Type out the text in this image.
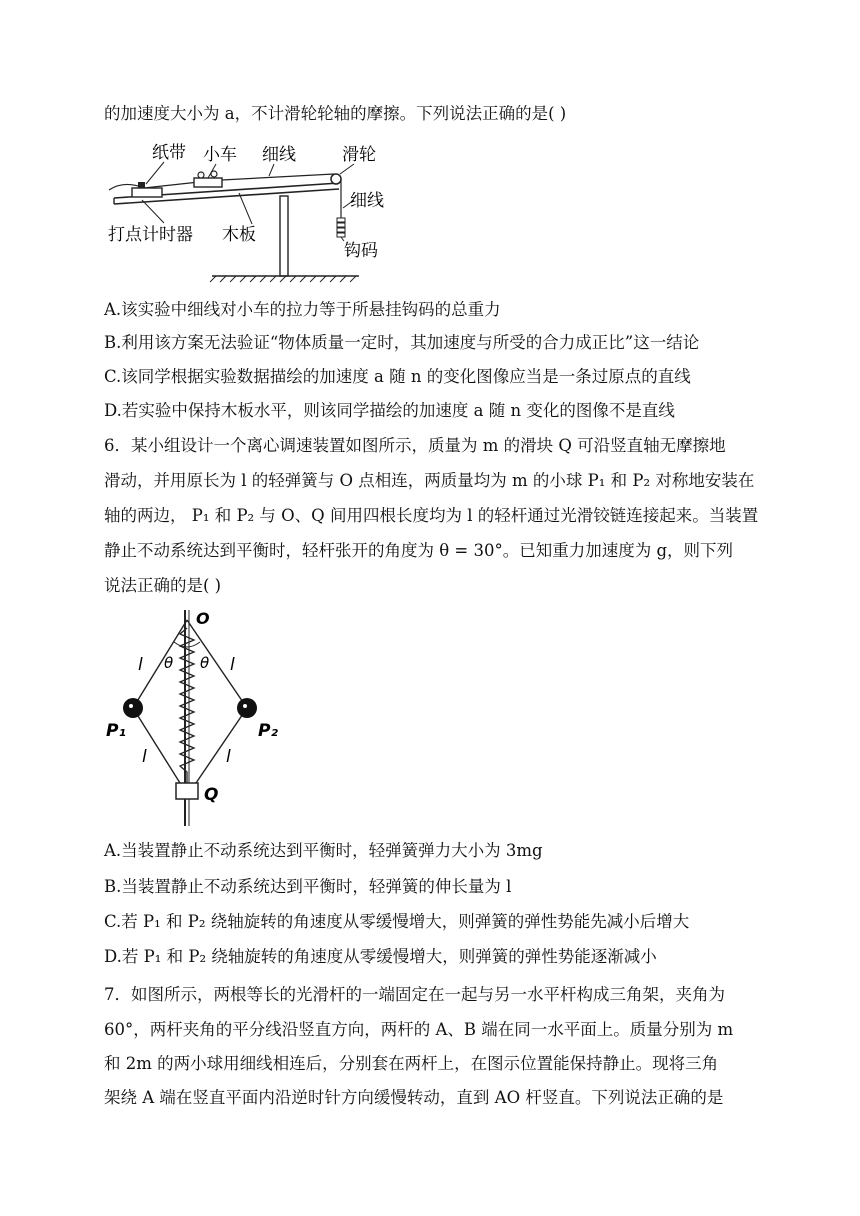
的加速度大小为 a，不计滑轮轮轴的摩擦。下列说法正确的是( )
纸带 小车 细线	滑轮
细线
打点计时器 木板
钩码
A.该实验中细线对小车的拉力等于所悬挂钩码的总重力
B.利用该方案无法验证“物体质量一定时，其加速度与所受的合力成正比”这一结论
C.该同学根据实验数据描绘的加速度 a 随 n 的变化图像应当是一条过原点的直线
D.若实验中保持木板水平，则该同学描绘的加速度 a 随 n 变化的图像不是直线
6．某小组设计一个离心调速装置如图所示，质量为 m 的滑块 Q 可沿竖直轴无摩擦地
滑动，并用原长为 l 的轻弹簧与 O 点相连，两质量均为 m 的小球 P₁ 和 P₂ 对称地安装在
轴的两边， P₁ 和 P₂ 与 O、Q 间用四根长度均为 l 的轻杆通过光滑铰链连接起来。当装置
静止不动系统达到平衡时，轻杆张开的角度为 θ = 30°。已知重力加速度为 g，则下列
说法正确的是( )
O
θ θ
l	l
l	l
P₁	P₂
Q
A.当装置静止不动系统达到平衡时，轻弹簧弹力大小为 3mg
B.当装置静止不动系统达到平衡时，轻弹簧的伸长量为 l
C.若 P₁ 和 P₂ 绕轴旋转的角速度从零缓慢增大，则弹簧的弹性势能先减小后增大
D.若 P₁ 和 P₂ 绕轴旋转的角速度从零缓慢增大，则弹簧的弹性势能逐渐减小
7．如图所示，两根等长的光滑杆的一端固定在一起与另一水平杆构成三角架，夹角为
60°，两杆夹角的平分线沿竖直方向，两杆的 A、B 端在同一水平面上。质量分别为 m
和 2m 的两小球用细线相连后，分别套在两杆上，在图示位置能保持静止。现将三角
架绕 A 端在竖直平面内沿逆时针方向缓慢转动，直到 AO 杆竖直。下列说法正确的是
